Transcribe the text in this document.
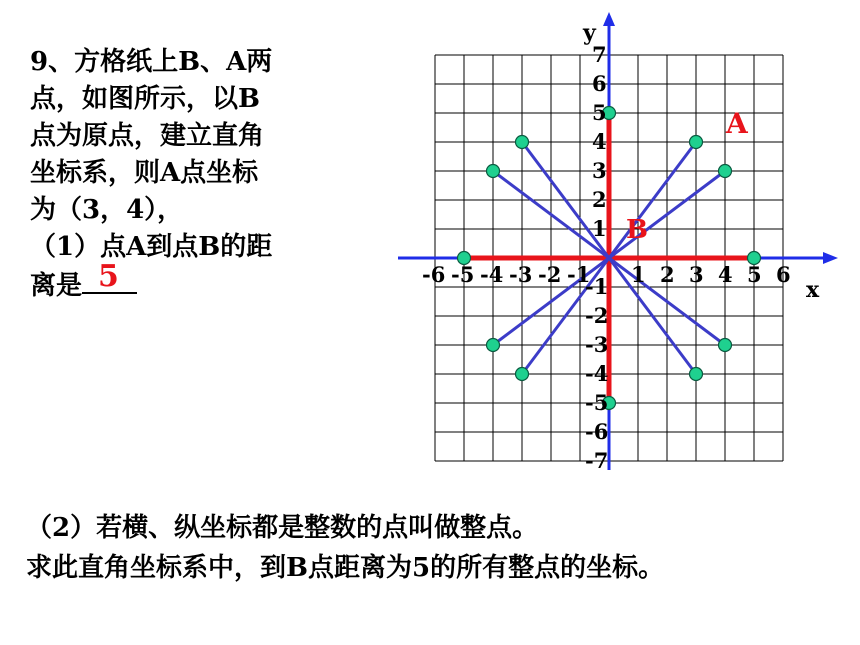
9、方格纸上B、A两
点，如图所示，以B
点为原点，建立直角
坐标系，则A点坐标
为（3，4），
（1）点A到点B的距
离是 5	-6 -5 -4 -3 -2 -1 1 2 3 4 5 6
7
6
5
4
3
2
1
-1
-2
-3
-4
-5
-6
-7
x
y
A
B
（2）若横、纵坐标都是整数的点叫做整点。
求此直角坐标系中，到B点距离为5的所有整点的坐标。
